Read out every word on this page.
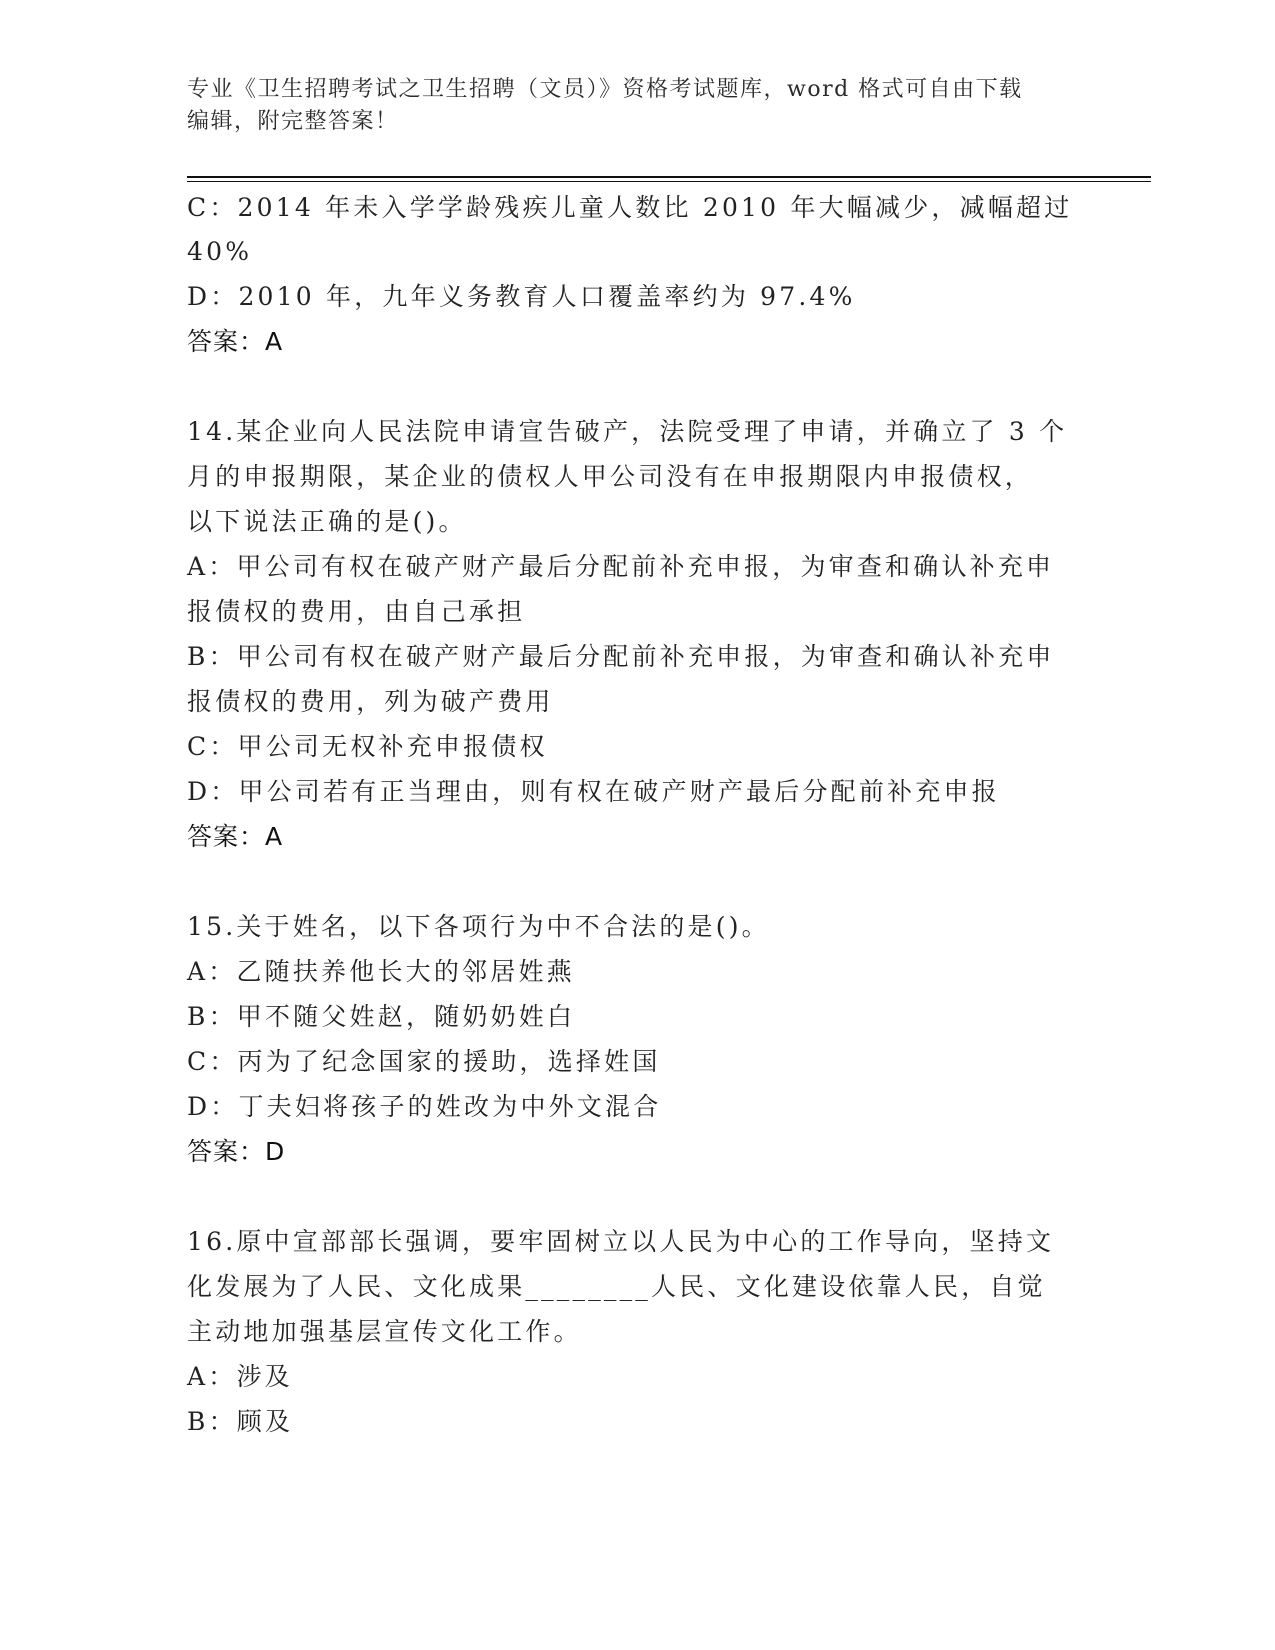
专业《卫生招聘考试之卫生招聘（文员）》资格考试题库，word 格式可自由下载
编辑，附完整答案！
C：2014 年未入学学龄残疾儿童人数比 2010 年大幅减少，减幅超过
40%
D：2010 年，九年义务教育人口覆盖率约为 97.4%
答案：A
14.某企业向人民法院申请宣告破产，法院受理了申请，并确立了 3 个
月的申报期限，某企业的债权人甲公司没有在申报期限内申报债权，
以下说法正确的是()。
A：甲公司有权在破产财产最后分配前补充申报，为审查和确认补充申
报债权的费用，由自己承担
B：甲公司有权在破产财产最后分配前补充申报，为审查和确认补充申
报债权的费用，列为破产费用
C：甲公司无权补充申报债权
D：甲公司若有正当理由，则有权在破产财产最后分配前补充申报
答案：A
15.关于姓名，以下各项行为中不合法的是()。
A：乙随扶养他长大的邻居姓燕
B：甲不随父姓赵，随奶奶姓白
C：丙为了纪念国家的援助，选择姓国
D：丁夫妇将孩子的姓改为中外文混合
答案：D
16.原中宣部部长强调，要牢固树立以人民为中心的工作导向，坚持文
化发展为了人民、文化成果________人民、文化建设依靠人民，自觉
主动地加强基层宣传文化工作。
A：涉及
B：顾及
